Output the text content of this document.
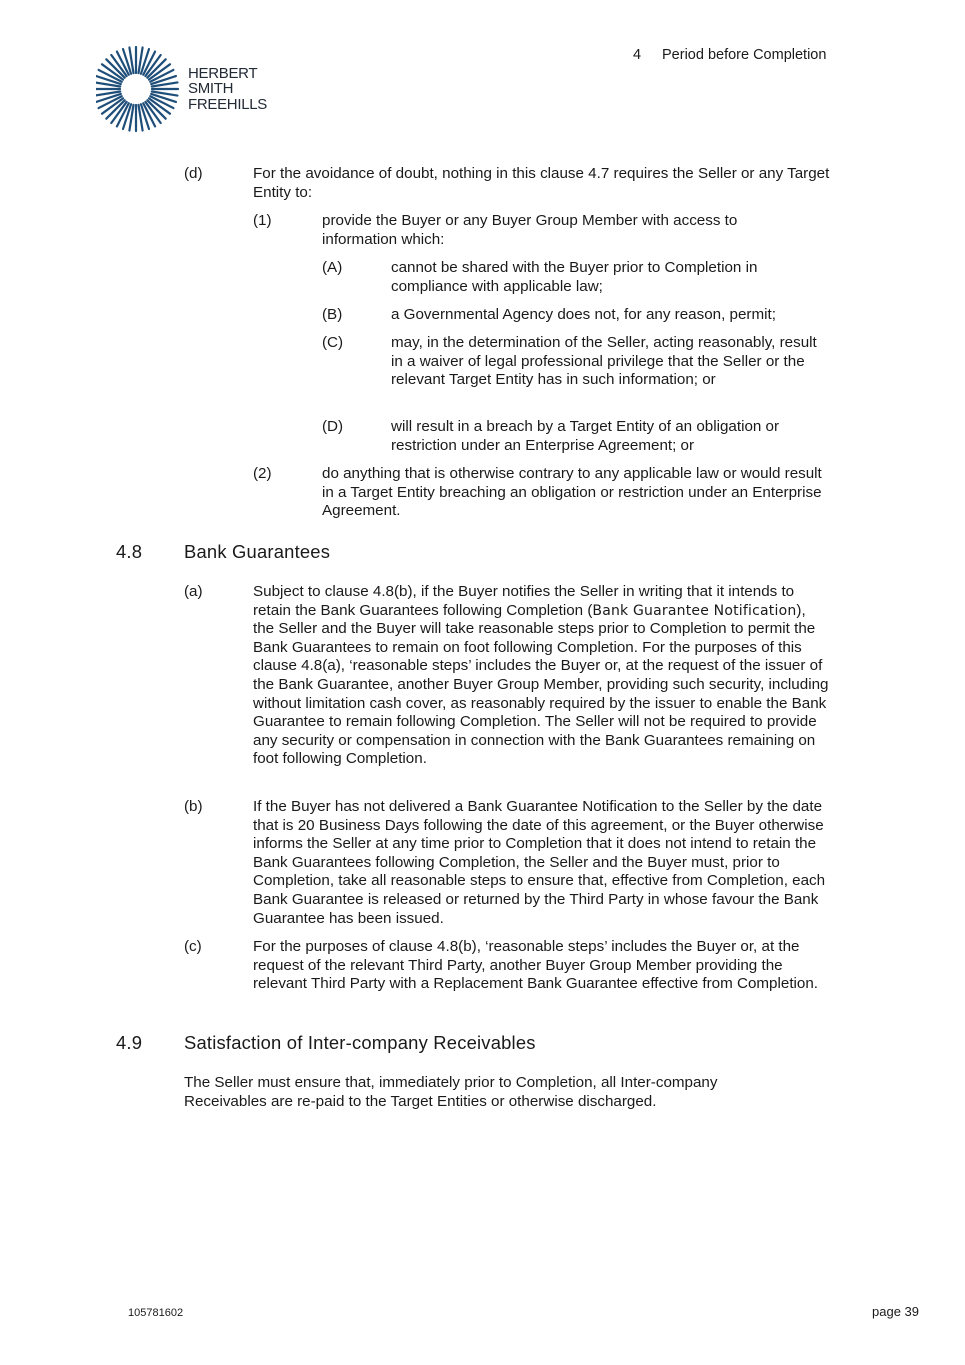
HERBERT
SMITH
FREEHILLS
4 Period before Completion
(d)	For the avoidance of doubt, nothing in this clause 4.7 requires the Seller or any Target Entity to:
(1)	provide the Buyer or any Buyer Group Member with access to information which:
(A)	cannot be shared with the Buyer prior to Completion in compliance with applicable law;
(B)	a Governmental Agency does not, for any reason, permit;
(C)	may, in the determination of the Seller, acting reasonably, result in a waiver of legal professional privilege that the Seller or the relevant Target Entity has in such information; or
(D)	will result in a breach by a Target Entity of an obligation or restriction under an Enterprise Agreement; or
(2)	do anything that is otherwise contrary to any applicable law or would result in a Target Entity breaching an obligation or restriction under an Enterprise Agreement.
4.8 Bank Guarantees
(a)	Subject to clause 4.8(b), if the Buyer notifies the Seller in writing that it intends to retain the Bank Guarantees following Completion (Bank Guarantee Notification), the Seller and the Buyer will take reasonable steps prior to Completion to permit the Bank Guarantees to remain on foot following Completion. For the purposes of this clause 4.8(a), ‘reasonable steps’ includes the Buyer or, at the request of the issuer of the Bank Guarantee, another Buyer Group Member, providing such security, including without limitation cash cover, as reasonably required by the issuer to enable the Bank Guarantee to remain following Completion. The Seller will not be required to provide any security or compensation in connection with the Bank Guarantees remaining on foot following Completion.
(b)	If the Buyer has not delivered a Bank Guarantee Notification to the Seller by the date that is 20 Business Days following the date of this agreement, or the Buyer otherwise informs the Seller at any time prior to Completion that it does not intend to retain the Bank Guarantees following Completion, the Seller and the Buyer must, prior to Completion, take all reasonable steps to ensure that, effective from Completion, each Bank Guarantee is released or returned by the Third Party in whose favour the Bank Guarantee has been issued.
(c)	For the purposes of clause 4.8(b), ‘reasonable steps’ includes the Buyer or, at the request of the relevant Third Party, another Buyer Group Member providing the relevant Third Party with a Replacement Bank Guarantee effective from Completion.
4.9 Satisfaction of Inter-company Receivables
The Seller must ensure that, immediately prior to Completion, all Inter-company Receivables are re-paid to the Target Entities or otherwise discharged.
105781602	page 39
